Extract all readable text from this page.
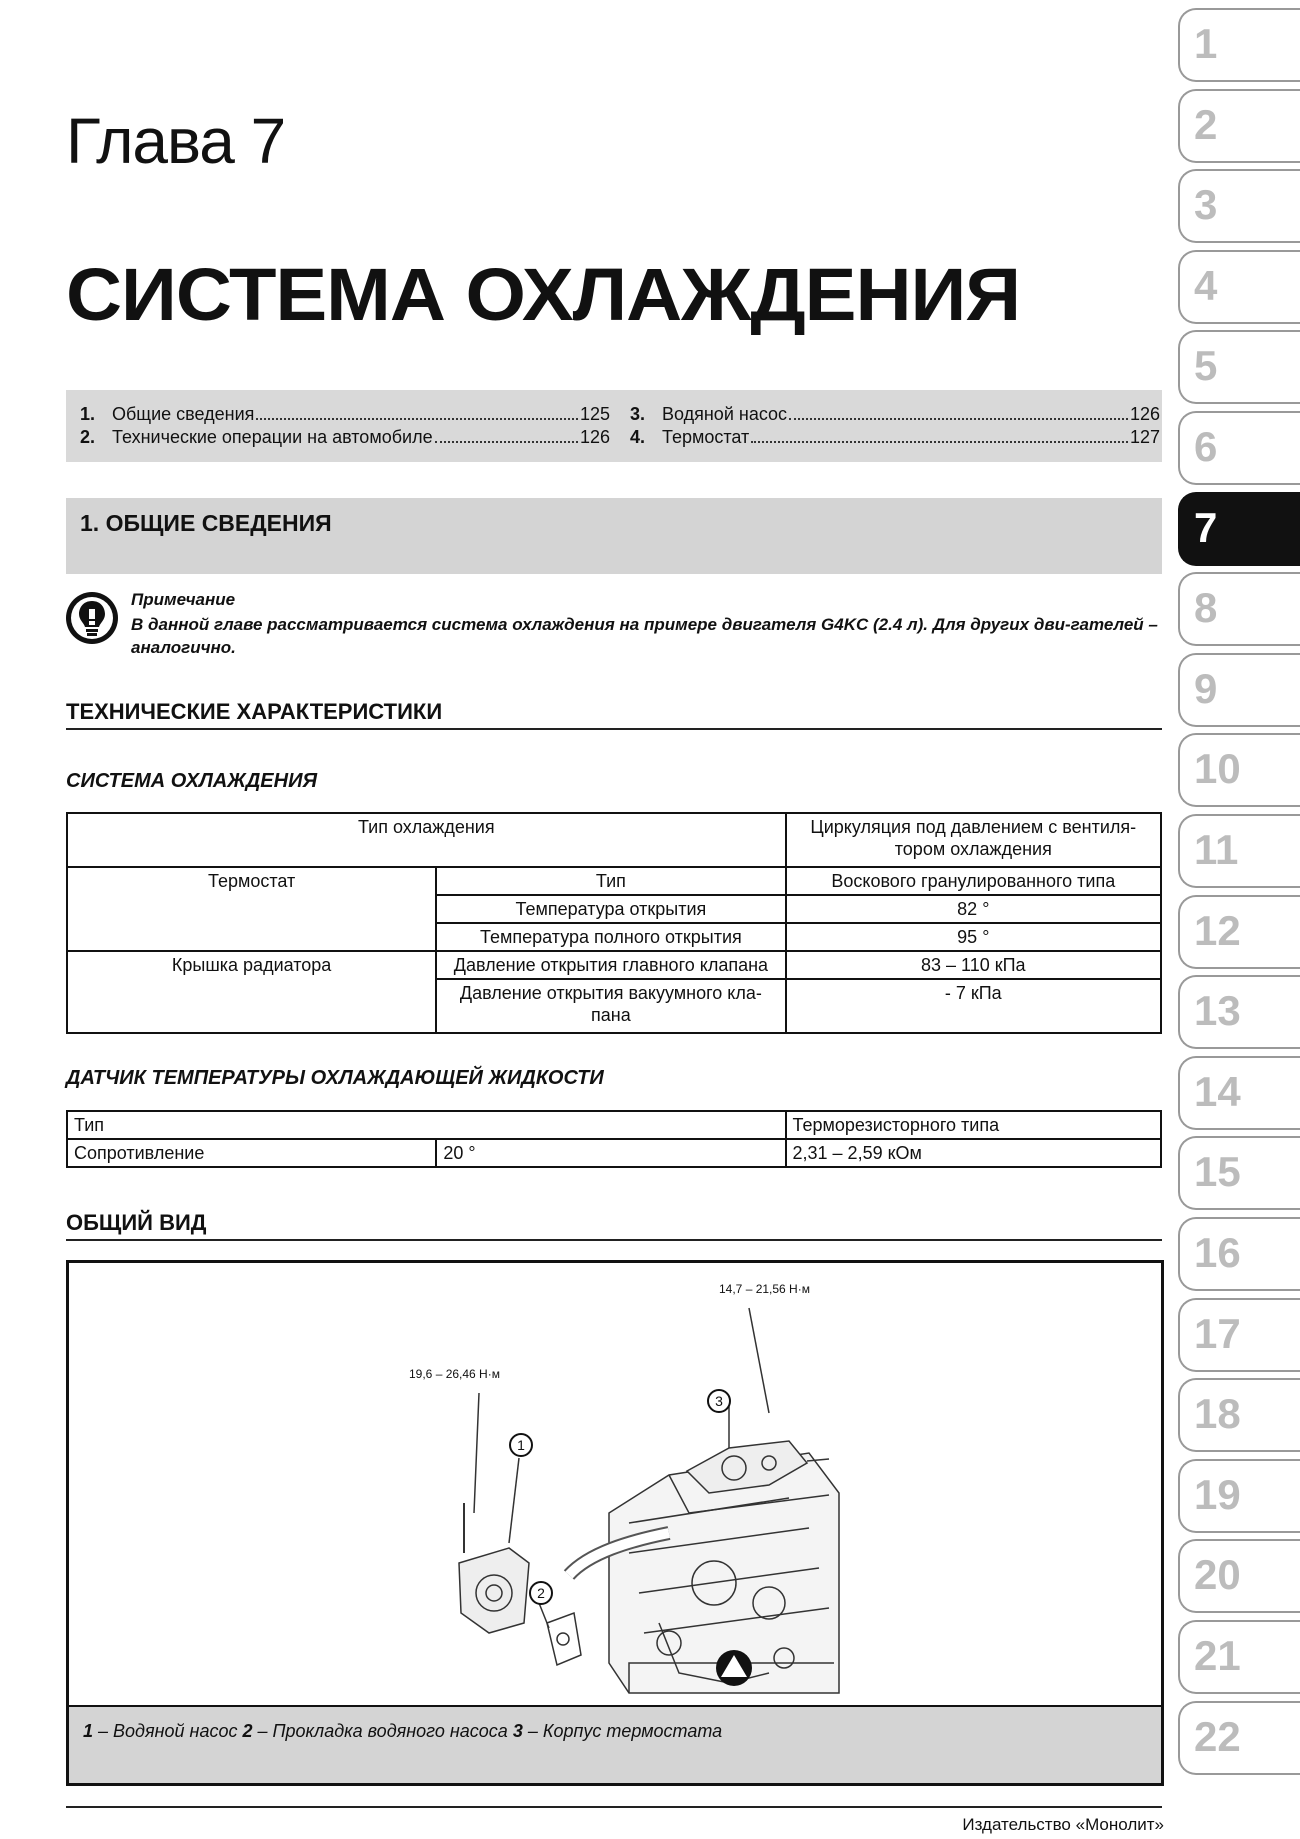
Глава 7
СИСТЕМА ОХЛАЖДЕНИЯ
1. Общие сведения	125
2. Технические операции на автомобиле	126
3. Водяной насос	126
4. Термостат	127
1. ОБЩИЕ СВЕДЕНИЯ
Примечание
В данной главе рассматривается система охлаждения на примере двигателя G4KC (2.4 л). Для других дви-гателей – аналогично.
ТЕХНИЧЕСКИЕ ХАРАКТЕРИСТИКИ
СИСТЕМА ОХЛАЖДЕНИЯ
Тип охлаждения		Циркуляция под давлением с вентиля-тором охлаждения
Термостат	Тип	Воскового гранулированного типа
	Температура открытия	82 °
	Температура полного открытия	95 °
Крышка радиатора	Давление открытия главного клапана	83 – 110 кПа
	Давление открытия вакуумного кла-пана	- 7 кПа
ДАТЧИК ТЕМПЕРАТУРЫ ОХЛАЖДАЮЩЕЙ ЖИДКОСТИ
Тип		Терморезисторного типа
Сопротивление	20 °	2,31 – 2,59 кОм
ОБЩИЙ ВИД
1
2
3
14,7 – 21,56 Н·м
19,6 – 26,46 Н·м
1 – Водяной насос 2 – Прокладка водяного насоса 3 – Корпус термостата
Издательство «Монолит»
1
2
3
4
5
6
7
8
9
10
11
12
13
14
15
16
17
18
19
20
21
22
